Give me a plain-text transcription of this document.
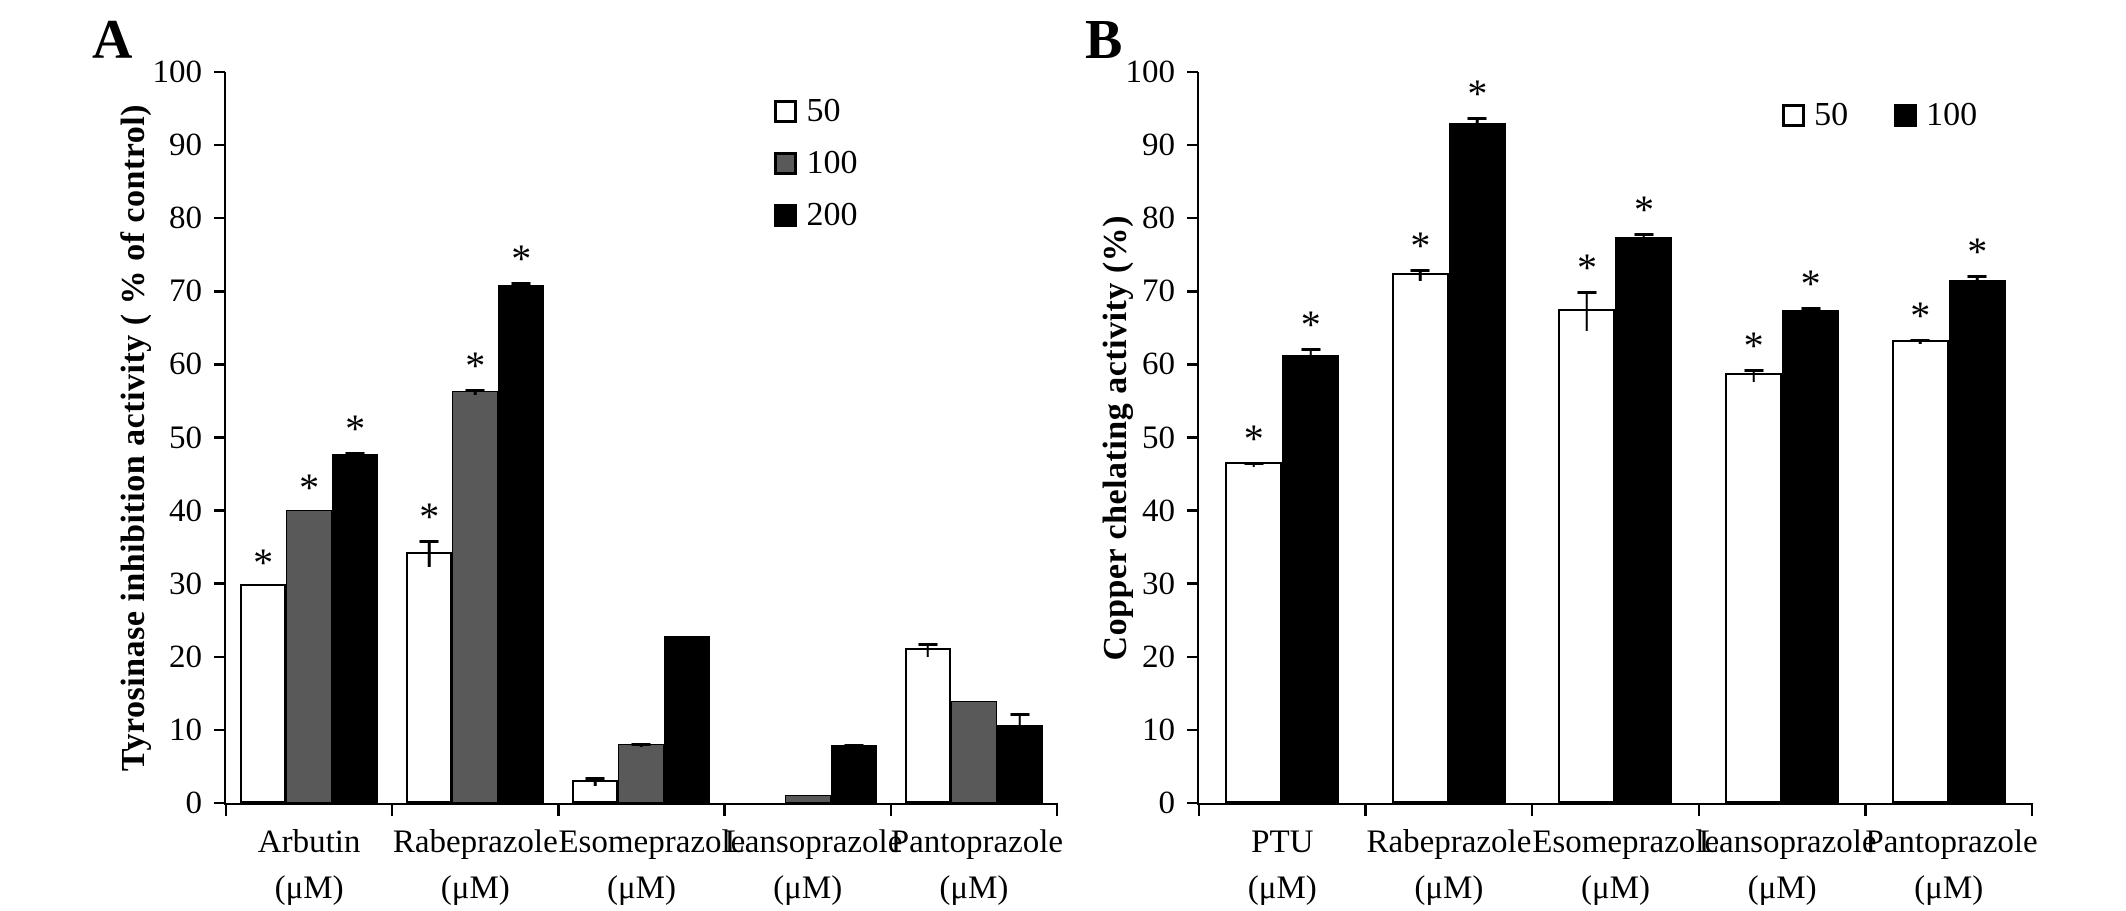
A
Tyrosinase inhibition activity ( % of control)
0
10
20
30
40
50
60
70
80
90
100
*
*
*
Arbutin
(μM)
*
*
*
Rabeprazole
(μM)
Esomeprazole
(μM)
Lansoprazole
(μM)
Pantoprazole
(μM)
50
100
200
B
Copper chelating activity (%)
0
10
20
30
40
50
60
70
80
90
100
*
*
PTU
(μM)
*
*
Rabeprazole
(μM)
*
*
Esomeprazole
(μM)
*
*
Lansoprazole
(μM)
*
*
Pantoprazole
(μM)
50 100
